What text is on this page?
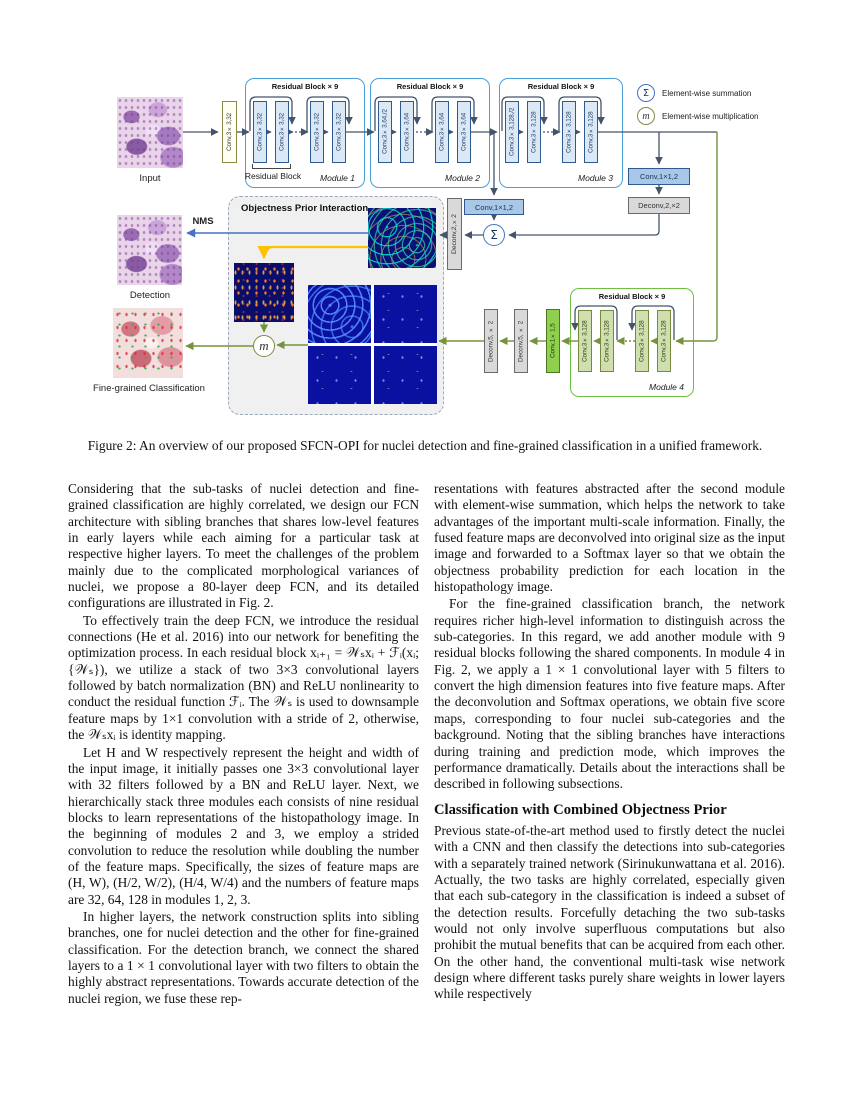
Objectness Prior Interaction
Input
Conv,3×3,32
Residual Block × 9
Module 1
Conv,3×3,32	Conv,3×3,32	Conv,3×3,32	Conv,3×3,32
Residual Block
Residual Block × 9
Module 2
Conv,3×3,64,/2	Conv,3×3,64	Conv,3×3,64	Conv,3×3,64
Residual Block × 9
Module 3
Conv,3×3,128,/2	Conv,3×3,128	Conv,3×3,128	Conv,3×3,128
Σ Element-wise summation
m Element-wise multiplication
Conv,1×1,2
Deconv,2,×2
Conv,1×1,2
Σ
Deconv,2,×2
m
NMS
Detection
Fine-grained Classification
Residual Block × 9
Module 4
Conv,3×3,128	Conv,3×3,128	Conv,3×3,128	Conv,3×3,128
Conv,1×1,5
Deconv,5, × 2
Deconv,5, × 2
Figure 2: An overview of our proposed SFCN-OPI for nuclei detection and fine-grained classification in a unified framework.

Considering that the sub-tasks of nuclei detection and fine-grained classification are highly correlated, we design our FCN architecture with sibling branches that shares low-level features in early layers while each aiming for a particular task at respective higher layers. To meet the challenges of the problem mainly due to the complicated morphological variances of nuclei, we propose a 80-layer deep FCN, and its detailed configurations are illustrated in Fig. 2.

To effectively train the deep FCN, we introduce the residual connections (He et al. 2016) into our network for benefiting the optimization process. In each residual block xᵢ₊₁ = 𝒲ₛxᵢ + ℱᵢ(xᵢ; {𝒲ₛ}), we utilize a stack of two 3×3 convolutional layers followed by batch normalization (BN) and ReLU nonlinearity to conduct the residual function ℱᵢ. The 𝒲ₛ is used to downsample feature maps by 1×1 convolution with a stride of 2, otherwise, the 𝒲ₛxᵢ is identity mapping.

Let H and W respectively represent the height and width of the input image, it initially passes one 3×3 convolutional layer with 32 filters followed by a BN and ReLU layer. Next, we hierarchically stack three modules each consists of nine residual blocks to learn representations of the histopathology image. In the beginning of modules 2 and 3, we employ a strided convolution to reduce the resolution while doubling the number of the feature maps. Specifically, the sizes of feature maps are (H, W), (H/2, W/2), (H/4, W/4) and the numbers of feature maps are 32, 64, 128 in modules 1, 2, 3.

In higher layers, the network construction splits into sibling branches, one for nuclei detection and the other for fine-grained classification. For the detection branch, we connect the shared layers to a 1 × 1 convolutional layer with two filters to obtain the highly abstract representations. Towards accurate detection of the nuclei region, we fuse these rep-

resentations with features abstracted after the second module with element-wise summation, which helps the network to take advantages of the important multi-scale information. Finally, the fused feature maps are deconvolved into original size as the input image and forwarded to a Softmax layer so that we obtain the objectness probability prediction for each location in the histopathology image.

For the fine-grained classification branch, the network requires richer high-level information to distinguish across the sub-categories. In this regard, we add another module with 9 residual blocks following the shared components. In module 4 in Fig. 2, we apply a 1 × 1 convolutional layer with 5 filters to convert the high dimension features into five feature maps. After the deconvolution and Softmax operations, we obtain five score maps, corresponding to four nuclei sub-categories and the background. Noting that the sibling branches have interactions during training and prediction mode, which improves the performance dramatically. Details about the interactions shall be described in following subsections.

Classification with Combined Objectness Prior

Previous state-of-the-art method used to firstly detect the nuclei with a CNN and then classify the detections into sub-categories with a separately trained network (Sirinukunwattana et al. 2016). Actually, the two tasks are highly correlated, especially given that each sub-category in the classification is indeed a subset of the detection results. Forcefully detaching the two sub-tasks would not only involve superfluous computations but also prohibit the mutual benefits that can be acquired from each other. On the other hand, the conventional multi-task wise network design where different tasks purely share weights in lower layers while respectively
